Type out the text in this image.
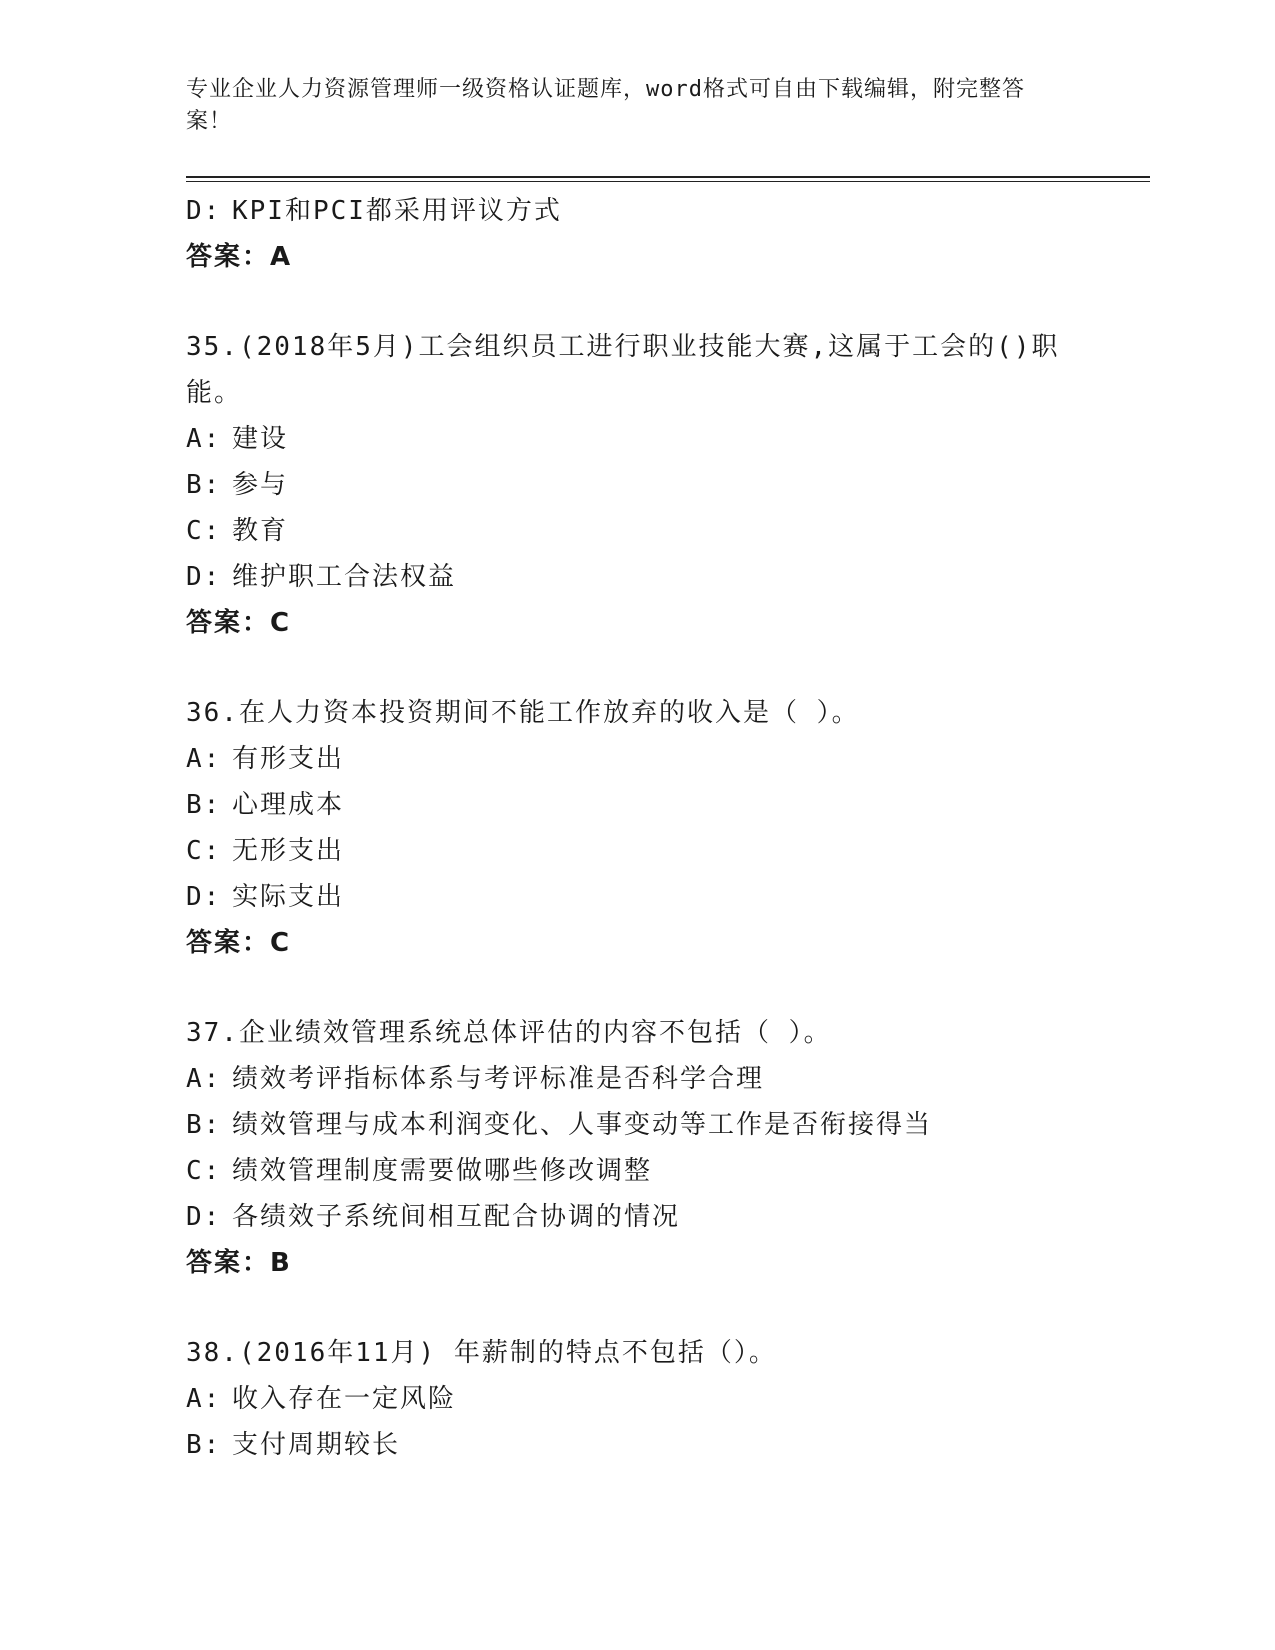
专业企业人力资源管理师一级资格认证题库，word格式可自由下载编辑，附完整答案！
D: KPI和PCI都采用评议方式
答案：A
35.(2018年5月)工会组织员工进行职业技能大赛,这属于工会的()职能。
A: 建设
B: 参与
C: 教育
D: 维护职工合法权益
答案：C
36.在人力资本投资期间不能工作放弃的收入是（ ）。
A: 有形支出
B: 心理成本
C: 无形支出
D: 实际支出
答案：C
37.企业绩效管理系统总体评估的内容不包括（ ）。
A: 绩效考评指标体系与考评标准是否科学合理
B: 绩效管理与成本利润变化、人事变动等工作是否衔接得当
C: 绩效管理制度需要做哪些修改调整
D: 各绩效子系统间相互配合协调的情况
答案：B
38.(2016年11月) 年薪制的特点不包括（）。
A: 收入存在一定风险
B: 支付周期较长
